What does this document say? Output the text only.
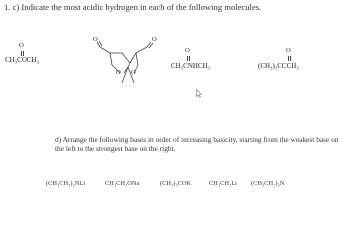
1. c) Indicate the most acidic hydrogen in each of the following molecules.
O
CH₃COCH₃
O	O
O O
O
CH₃CNHCH₃
O
(CH₃)₃CCCH₃
d) Arrange the following bases in order of increasing basicity, starting from the weakest base on the left to the strongest base on the right.
(CH₃CH₂)₂NLi	CH₃CH₂ONa	(CH₃)₃COK	CH₃CH₂Li (CH₃CH₂)₃N
